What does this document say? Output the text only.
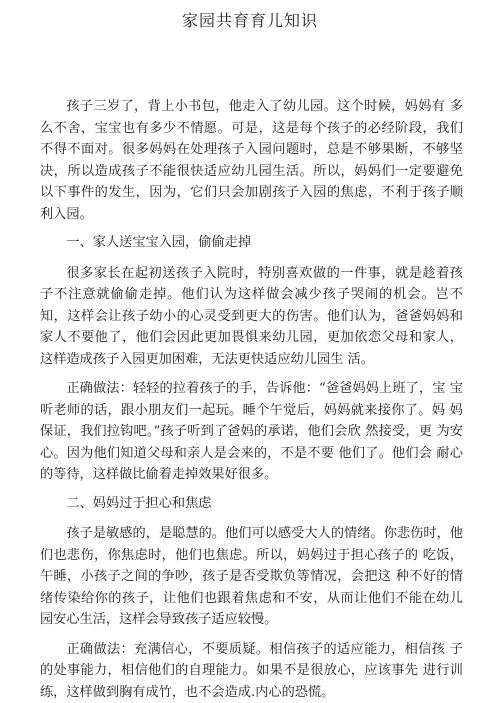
家园共育育儿知识

孩子三岁了，背上小书包，他走入了幼儿园。这个时候，妈妈有 多 么不舍，宝宝也有多少不情愿。可是，这是每个孩子的必经阶段，我们 不得不面对。很多妈妈在处理孩子入园问题时，总是不够果断，不够坚 决，所以造成孩子不能很快适应幼儿园生活。所以，妈妈们一定要避免 以下事件的发生，因为，它们只会加剧孩子入园的焦虑，不利于孩子顺 利入园。

一、家人送宝宝入园，偷偷走掉

很多家长在起初送孩子入院时，特别喜欢做的一件事，就是趁着孩 子不注意就偷偷走掉。他们认为这样做会减少孩子哭闹的机会。岂不 知，这样会让孩子幼小的心灵受到更大的伤害。他们认为，爸爸妈妈和 家人不要他了，他们会因此更加畏惧来幼儿园，更加依恋父母和家人， 这样造成孩子入园更加困难，无法更快适应幼儿园生 活。

正确做法：轻轻的拉着孩子的手，告诉他：“爸爸妈妈上班了，宝 宝听老师的话，跟小朋友们一起玩。睡个午觉后，妈妈就来接你了。妈 妈保证，我们拉钩吧。”孩子听到了爸妈的承诺，他们会欣 然接受，更 为安心。因为他们知道父母和亲人是会来的，不是不要 他们了。他们会 耐心的等待，这样做比偷着走掉效果好很多。

二、妈妈过于担心和焦虑

孩子是敏感的，是聪慧的。他们可以感受大人的情绪。你悲伤时，他们也悲伤，你焦虑时，他们也焦虑。所以，妈妈过于担心孩子的 吃饭，午睡，小孩子之间的争吵，孩子是否受欺负等情况，会把这 种不好的情绪传染给你的孩子，让他们也跟着焦虑和不安，从而让他们不能在幼儿 园安心生活，这样会导致孩子适应较慢。

正确做法：充满信心，不要质疑。相信孩子的适应能力，相信孩 子 的处事能力，相信他们的自理能力。如果不是很放心，应该事先 进行训 练，这样做到胸有成竹，也不会造成.内心的恐慌。
